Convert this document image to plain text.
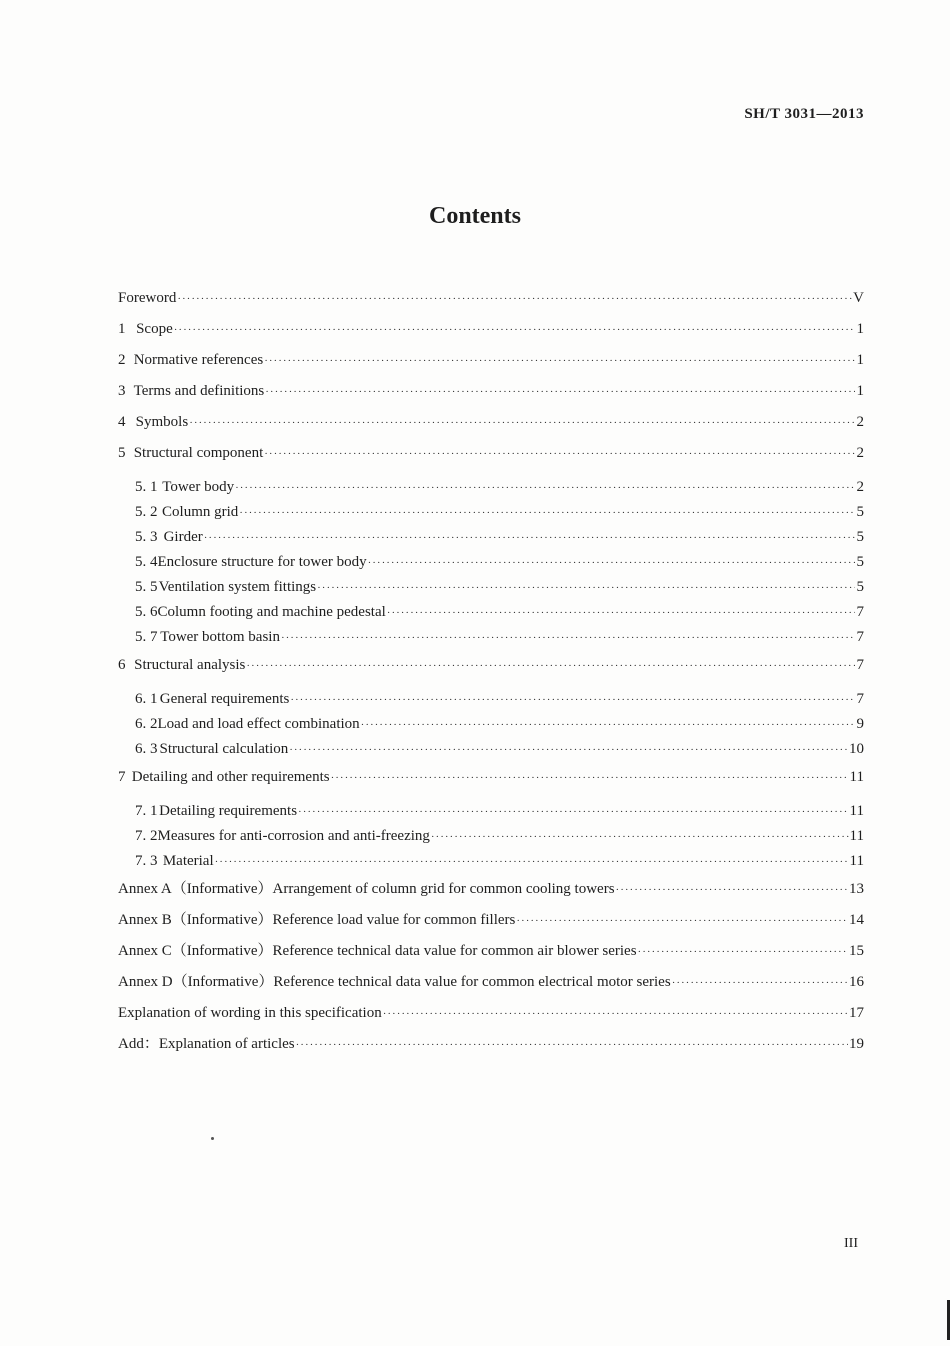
SH/T 3031—2013
Contents
Foreword ·····	V
1 Scope ·····	1
2 Normative references ·····	1
3 Terms and definitions ·····	1
4 Symbols ·····	2
5 Structural component ·····	2
5. 1 Tower body ·····	2
5. 2 Column grid ·····	5
5. 3 Girder ·····	5
5. 4 Enclosure structure for tower body ·····	5
5. 5 Ventilation system fittings ·····	5
5. 6 Column footing and machine pedestal ·····	7
5. 7 Tower bottom basin ·····	7
6 Structural analysis ·····	7
6. 1 General requirements ·····	7
6. 2 Load and load effect combination ·····	9
6. 3 Structural calculation ·····	10
7 Detailing and other requirements ·····	11
7. 1 Detailing requirements ·····	11
7. 2 Measures for anti-corrosion and anti-freezing ·····	11
7. 3 Material ·····	11
Annex A（Informative）Arrangement of column grid for common cooling towers ·····	13
Annex B（Informative）Reference load value for common fillers ·····	14
Annex C（Informative）Reference technical data value for common air blower series ·····	15
Annex D（Informative）Reference technical data value for common electrical motor series ·····	16
Explanation of wording in this specification ·····	17
Add：Explanation of articles ·····	19
III
